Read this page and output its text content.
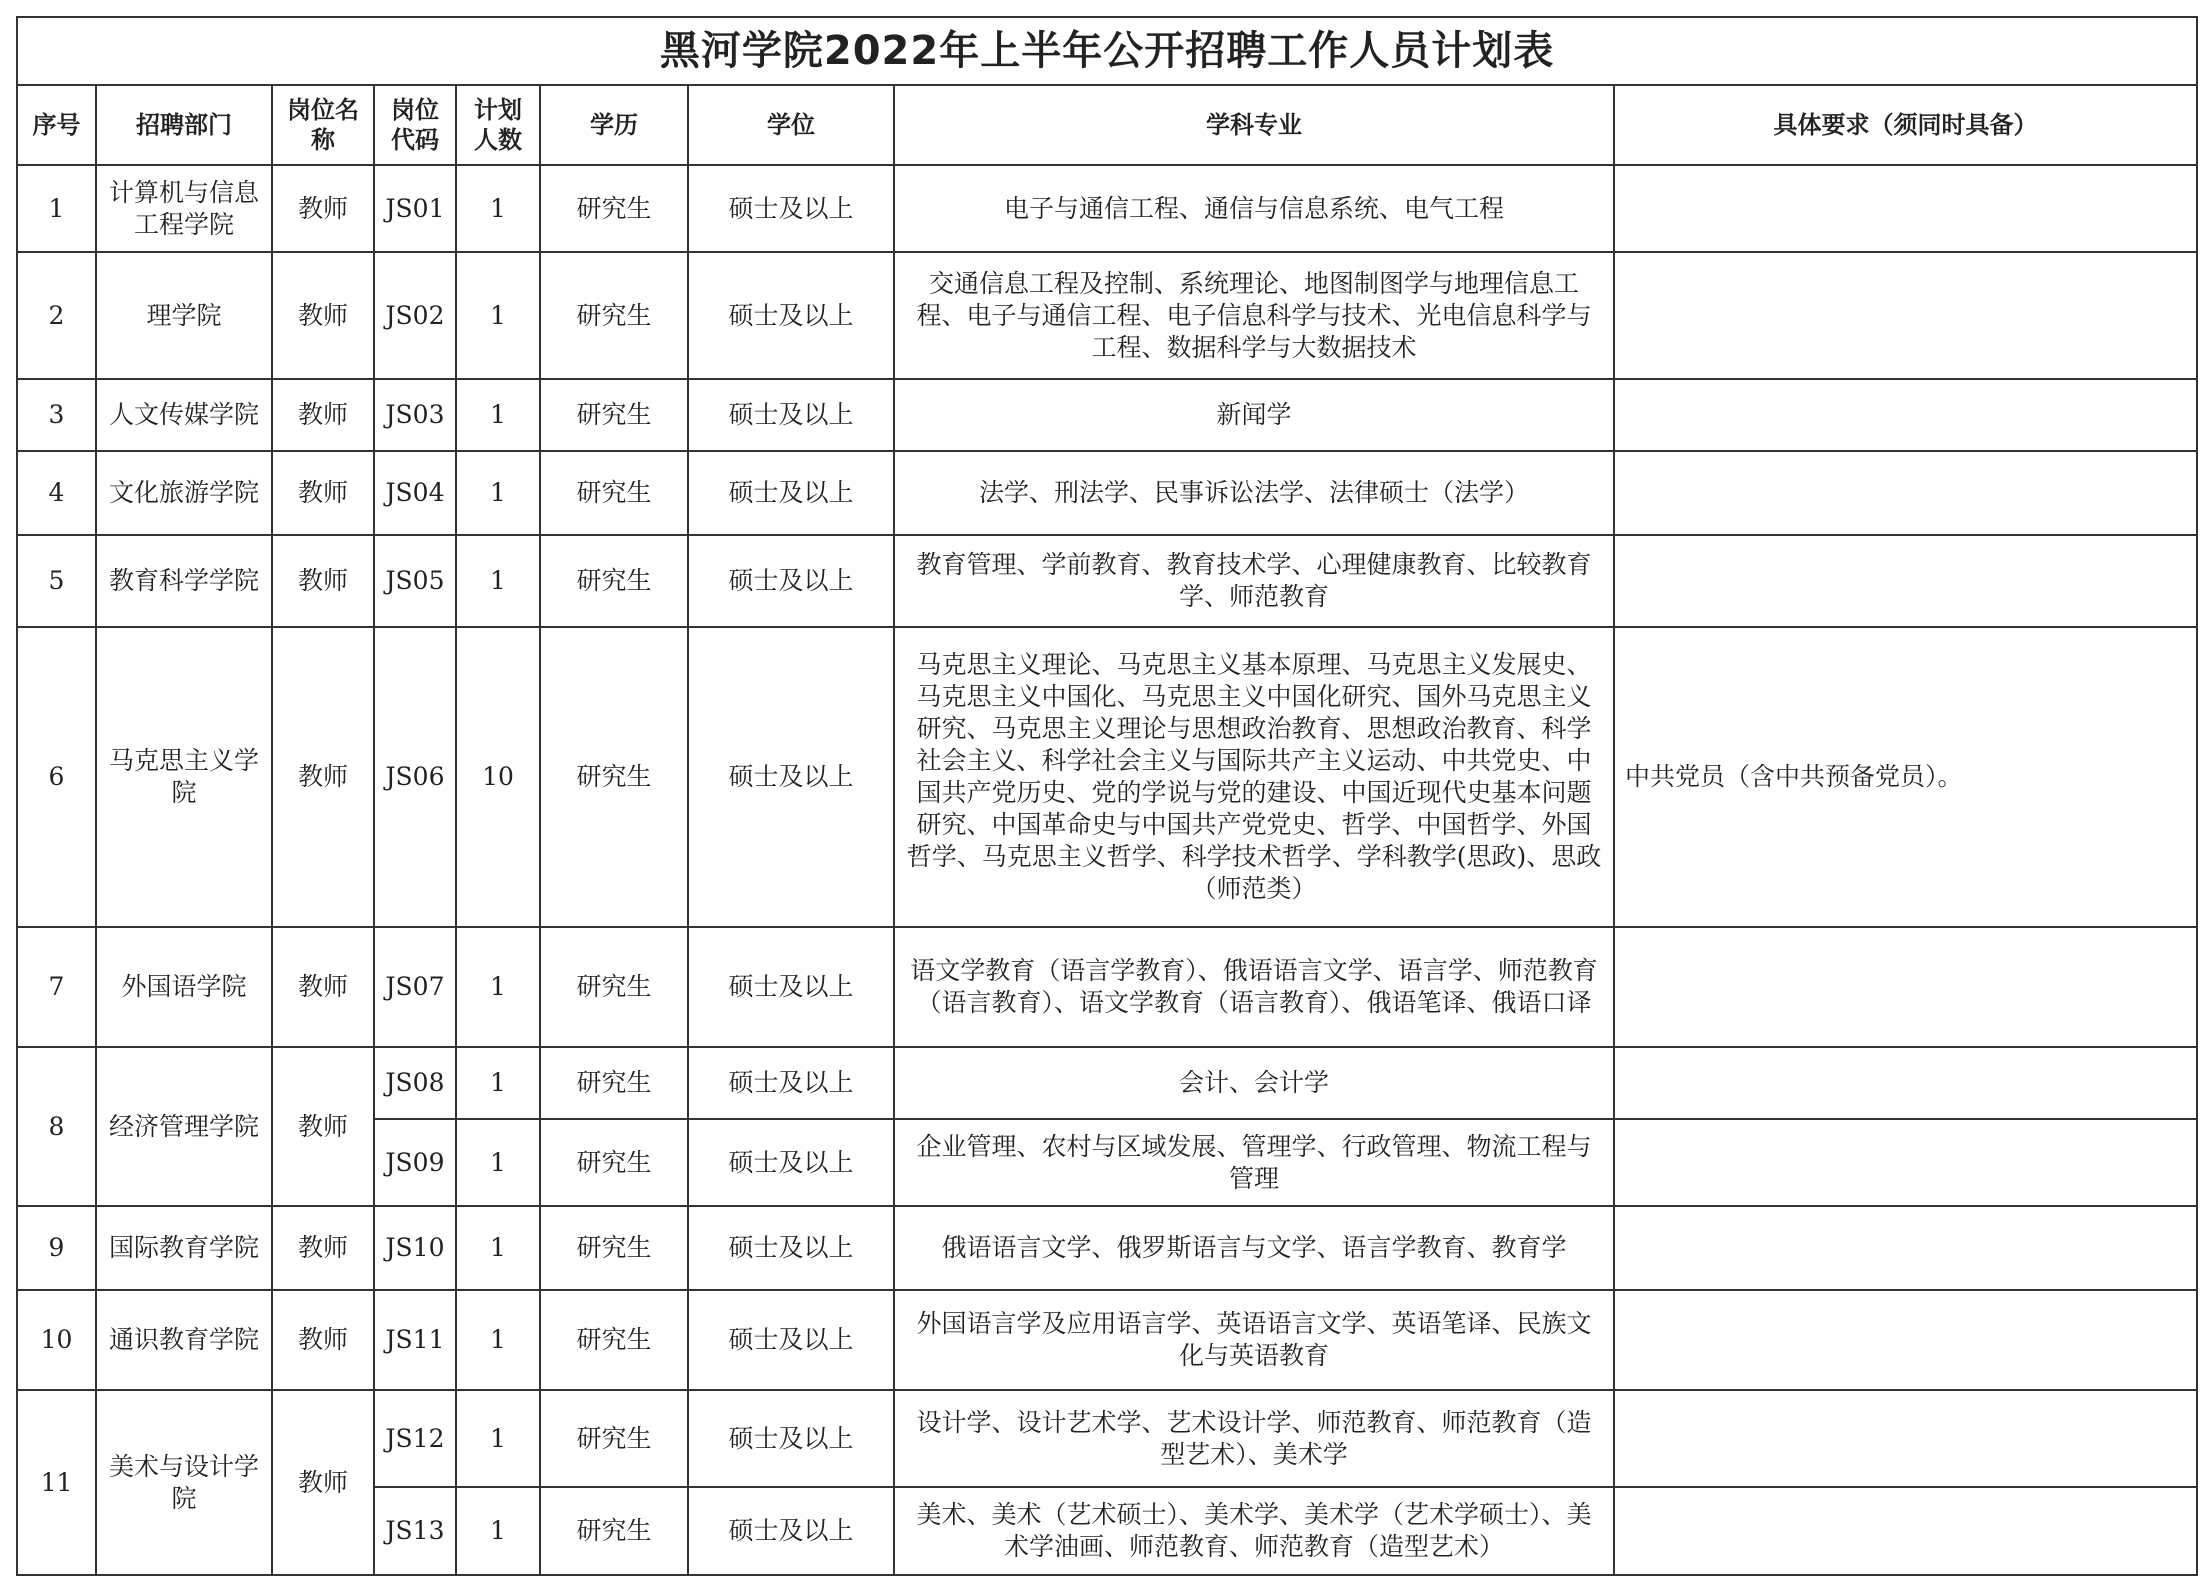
黑河学院2022年上半年公开招聘工作人员计划表								
序号	招聘部门	岗位名称	岗位代码	计划人数	学历	学位	学科专业	具体要求（须同时具备）
1	计算机与信息工程学院	教师	JS01	1	研究生	硕士及以上	电子与通信工程、通信与信息系统、电气工程	
2	理学院	教师	JS02	1	研究生	硕士及以上	交通信息工程及控制、系统理论、地图制图学与地理信息工程、电子与通信工程、电子信息科学与技术、光电信息科学与工程、数据科学与大数据技术	
3	人文传媒学院	教师	JS03	1	研究生	硕士及以上	新闻学	
4	文化旅游学院	教师	JS04	1	研究生	硕士及以上	法学、刑法学、民事诉讼法学、法律硕士（法学）	
5	教育科学学院	教师	JS05	1	研究生	硕士及以上	教育管理、学前教育、教育技术学、心理健康教育、比较教育学、师范教育	
6	马克思主义学院	教师	JS06	10	研究生	硕士及以上	马克思主义理论、马克思主义基本原理、马克思主义发展史、马克思主义中国化、马克思主义中国化研究、国外马克思主义研究、马克思主义理论与思想政治教育、思想政治教育、科学社会主义、科学社会主义与国际共产主义运动、中共党史、中国共产党历史、党的学说与党的建设、中国近现代史基本问题研究、中国革命史与中国共产党党史、哲学、中国哲学、外国哲学、马克思主义哲学、科学技术哲学、学科教学(思政)、思政（师范类）	中共党员（含中共预备党员）。
7	外国语学院	教师	JS07	1	研究生	硕士及以上	语文学教育（语言学教育）、俄语语言文学、语言学、师范教育（语言教育）、语文学教育（语言教育）、俄语笔译、俄语口译	
8	经济管理学院	教师	JS08	1	研究生	硕士及以上	会计、会计学	
			JS09	1	研究生	硕士及以上	企业管理、农村与区域发展、管理学、行政管理、物流工程与管理	
9	国际教育学院	教师	JS10	1	研究生	硕士及以上	俄语语言文学、俄罗斯语言与文学、语言学教育、教育学	
10	通识教育学院	教师	JS11	1	研究生	硕士及以上	外国语言学及应用语言学、英语语言文学、英语笔译、民族文化与英语教育	
11	美术与设计学院	教师	JS12	1	研究生	硕士及以上	设计学、设计艺术学、艺术设计学、师范教育、师范教育（造型艺术）、美术学	
			JS13	1	研究生	硕士及以上	美术、美术（艺术硕士）、美术学、美术学（艺术学硕士）、美术学油画、师范教育、师范教育（造型艺术）	
